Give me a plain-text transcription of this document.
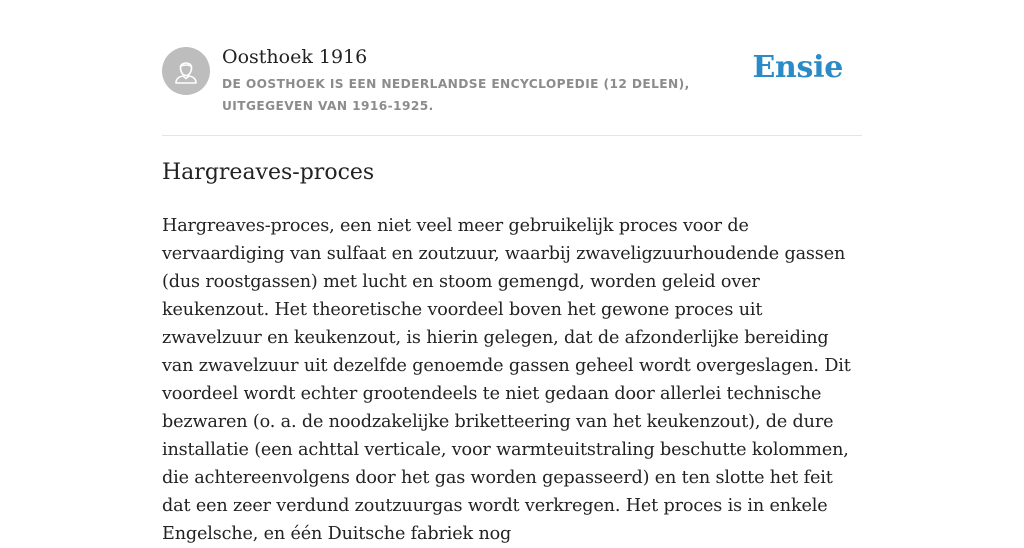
Oosthoek 1916
DE OOSTHOEK IS EEN NEDERLANDSE ENCYCLOPEDIE (12 DELEN), UITGEGEVEN VAN 1916-1925.
Ensie
Hargreaves-proces

Hargreaves-proces, een niet veel meer gebruikelijk proces voor de vervaardiging van sulfaat en zoutzuur, waarbij zwaveligzuurhoudende gassen (dus roostgassen) met lucht en stoom gemengd, worden geleid over keukenzout. Het theoretische voordeel boven het gewone proces uit zwavelzuur en keukenzout, is hierin gelegen, dat de afzonderlijke bereiding van zwavelzuur uit dezelfde genoemde gassen geheel wordt overgeslagen. Dit voordeel wordt echter grootendeels te niet gedaan door allerlei technische bezwaren (o. a. de noodzakelijke briketteering van het keukenzout), de dure installatie (een achttal verticale, voor warmteuitstraling beschutte kolommen, die achtereenvolgens door het gas worden gepasseerd) en ten slotte het feit dat een zeer verdund zoutzuurgas wordt verkregen. Het proces is in enkele Engelsche, en één Duitsche fabriek nog
